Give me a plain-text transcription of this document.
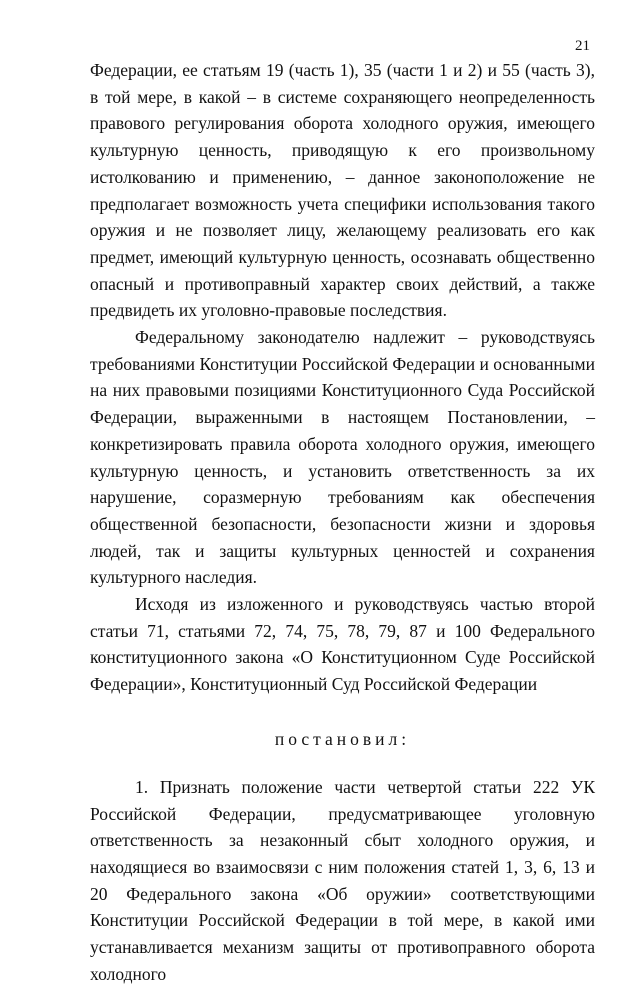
21

Федерации, ее статьям 19 (часть 1), 35 (части 1 и 2) и 55 (часть 3), в той мере, в какой – в системе сохраняющего неопределенность правового регулирования оборота холодного оружия, имеющего культурную ценность, приводящую к его произвольному истолкованию и применению, – данное законоположение не предполагает возможность учета специфики использования такого оружия и не позволяет лицу, желающему реализовать его как предмет, имеющий культурную ценность, осознавать общественно опасный и противоправный характер своих действий, а также предвидеть их уголовно-правовые последствия.

Федеральному законодателю надлежит – руководствуясь требованиями Конституции Российской Федерации и основанными на них правовыми позициями Конституционного Суда Российской Федерации, выраженными в настоящем Постановлении, – конкретизировать правила оборота холодного оружия, имеющего культурную ценность, и установить ответственность за их нарушение, соразмерную требованиям как обеспечения общественной безопасности, безопасности жизни и здоровья людей, так и защиты культурных ценностей и сохранения культурного наследия.

Исходя из изложенного и руководствуясь частью второй статьи 71, статьями 72, 74, 75, 78, 79, 87 и 100 Федерального конституционного закона «О Конституционном Суде Российской Федерации», Конституционный Суд Российской Федерации

постановил:

1. Признать положение части четвертой статьи 222 УК Российской Федерации, предусматривающее уголовную ответственность за незаконный сбыт холодного оружия, и находящиеся во взаимосвязи с ним положения статей 1, 3, 6, 13 и 20 Федерального закона «Об оружии» соответствующими Конституции Российской Федерации в той мере, в какой ими устанавливается механизм защиты от противоправного оборота холодного
